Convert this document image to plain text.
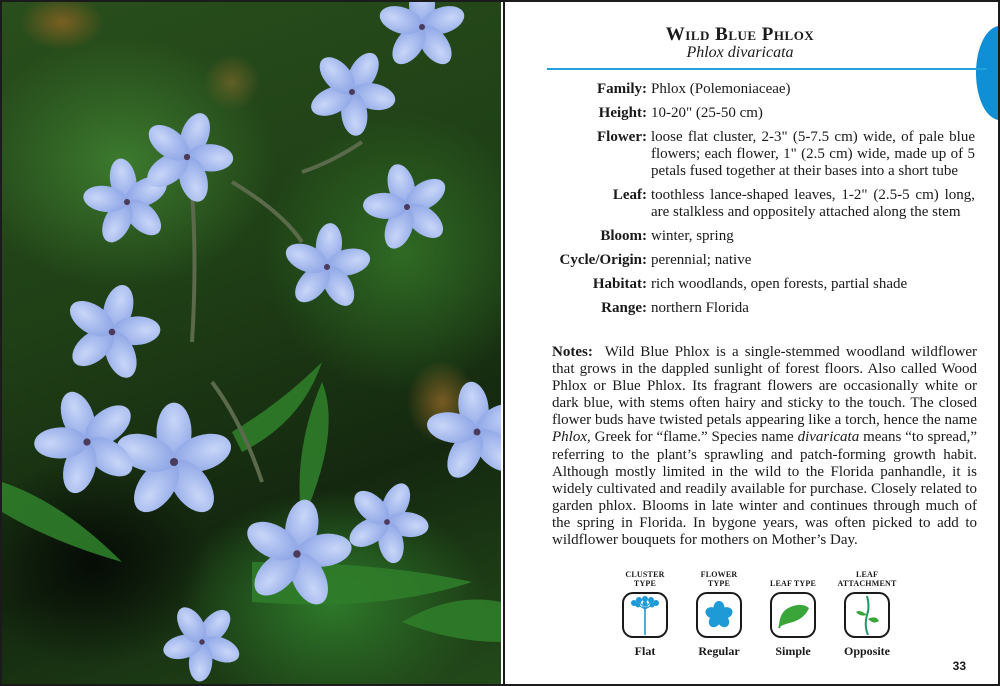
Wild Blue Phlox
Phlox divaricata
Family: Phlox (Polemoniaceae)
Height: 10-20" (25-50 cm)
Flower: loose flat cluster, 2-3" (5-7.5 cm) wide, of pale blue flowers; each flower, 1" (2.5 cm) wide, made up of 5 petals fused together at their bases into a short tube
Leaf: toothless lance-shaped leaves, 1-2" (2.5-5 cm) long, are stalkless and oppositely attached along the stem
Bloom: winter, spring
Cycle/Origin: perennial; native
Habitat: rich woodlands, open forests, partial shade
Range: northern Florida
Notes: Wild Blue Phlox is a single-stemmed woodland wildflower that grows in the dappled sunlight of forest floors. Also called Wood Phlox or Blue Phlox. Its fragrant flowers are occasionally white or dark blue, with stems often hairy and sticky to the touch. The closed flower buds have twisted petals appearing like a torch, hence the name Phlox, Greek for “flame.” Species name divaricata means “to spread,” referring to the plant’s sprawling and patch-forming growth habit. Although mostly limited in the wild to the Florida panhandle, it is widely cultivated and readily available for purchase. Closely related to garden phlox. Blooms in late winter and continues through much of the spring in Florida. In bygone years, was often picked to add to wildflower bouquets for mothers on Mother’s Day.
CLUSTER
TYPE
Flat
FLOWER
TYPE
Regular
LEAF TYPE
Simple
LEAF
ATTACHMENT
Opposite
33
